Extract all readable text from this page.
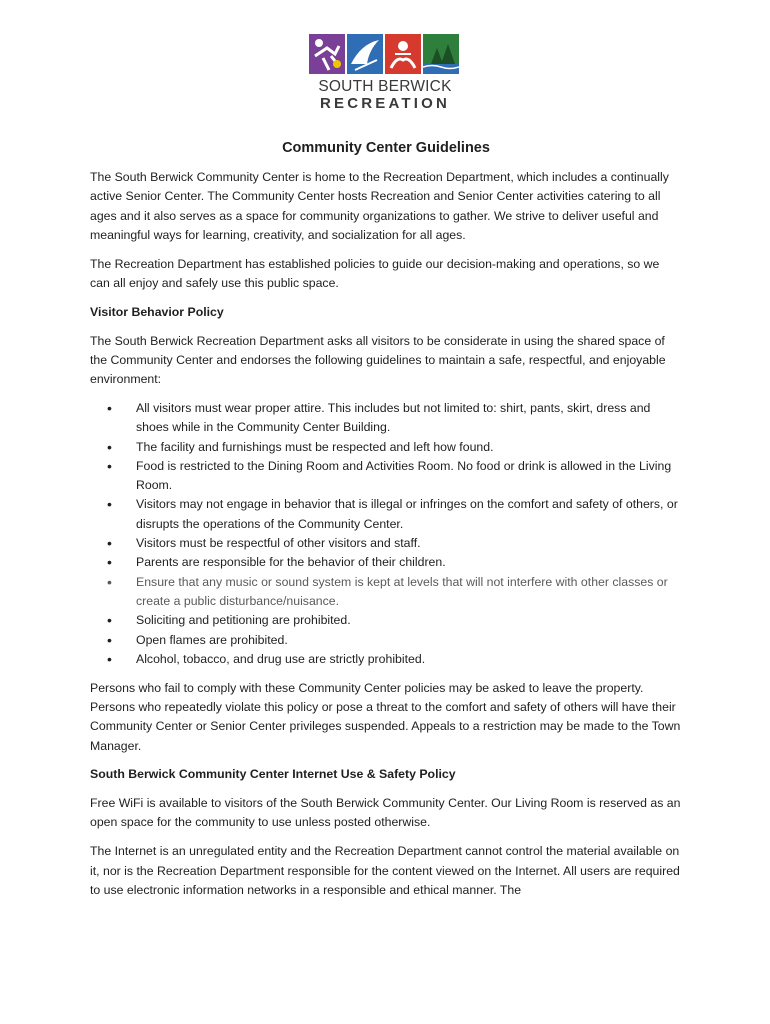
SOUTH BERWICK
RECREATION
Community Center Guidelines

The South Berwick Community Center is home to the Recreation Department, which includes a continually active Senior Center. The Community Center hosts Recreation and Senior Center activities catering to all ages and it also serves as a space for community organizations to gather. We strive to deliver useful and meaningful ways for learning, creativity, and socialization for all ages.

The Recreation Department has established policies to guide our decision-making and operations, so we can all enjoy and safely use this public space.

Visitor Behavior Policy

The South Berwick Recreation Department asks all visitors to be considerate in using the shared space of the Community Center and endorses the following guidelines to maintain a safe, respectful, and enjoyable environment:

• All visitors must wear proper attire. This includes but not limited to: shirt, pants, skirt, dress and shoes while in the Community Center Building.
• The facility and furnishings must be respected and left how found.
• Food is restricted to the Dining Room and Activities Room. No food or drink is allowed in the Living Room.
• Visitors may not engage in behavior that is illegal or infringes on the comfort and safety of others, or disrupts the operations of the Community Center.
• Visitors must be respectful of other visitors and staff.
• Parents are responsible for the behavior of their children.
• Ensure that any music or sound system is kept at levels that will not interfere with other classes or create a public disturbance/nuisance.
• Soliciting and petitioning are prohibited.
• Open flames are prohibited.
• Alcohol, tobacco, and drug use are strictly prohibited.

Persons who fail to comply with these Community Center policies may be asked to leave the property. Persons who repeatedly violate this policy or pose a threat to the comfort and safety of others will have their Community Center or Senior Center privileges suspended. Appeals to a restriction may be made to the Town Manager.

South Berwick Community Center Internet Use & Safety Policy

Free WiFi is available to visitors of the South Berwick Community Center. Our Living Room is reserved as an open space for the community to use unless posted otherwise.

The Internet is an unregulated entity and the Recreation Department cannot control the material available on it, nor is the Recreation Department responsible for the content viewed on the Internet. All users are required to use electronic information networks in a responsible and ethical manner. The
